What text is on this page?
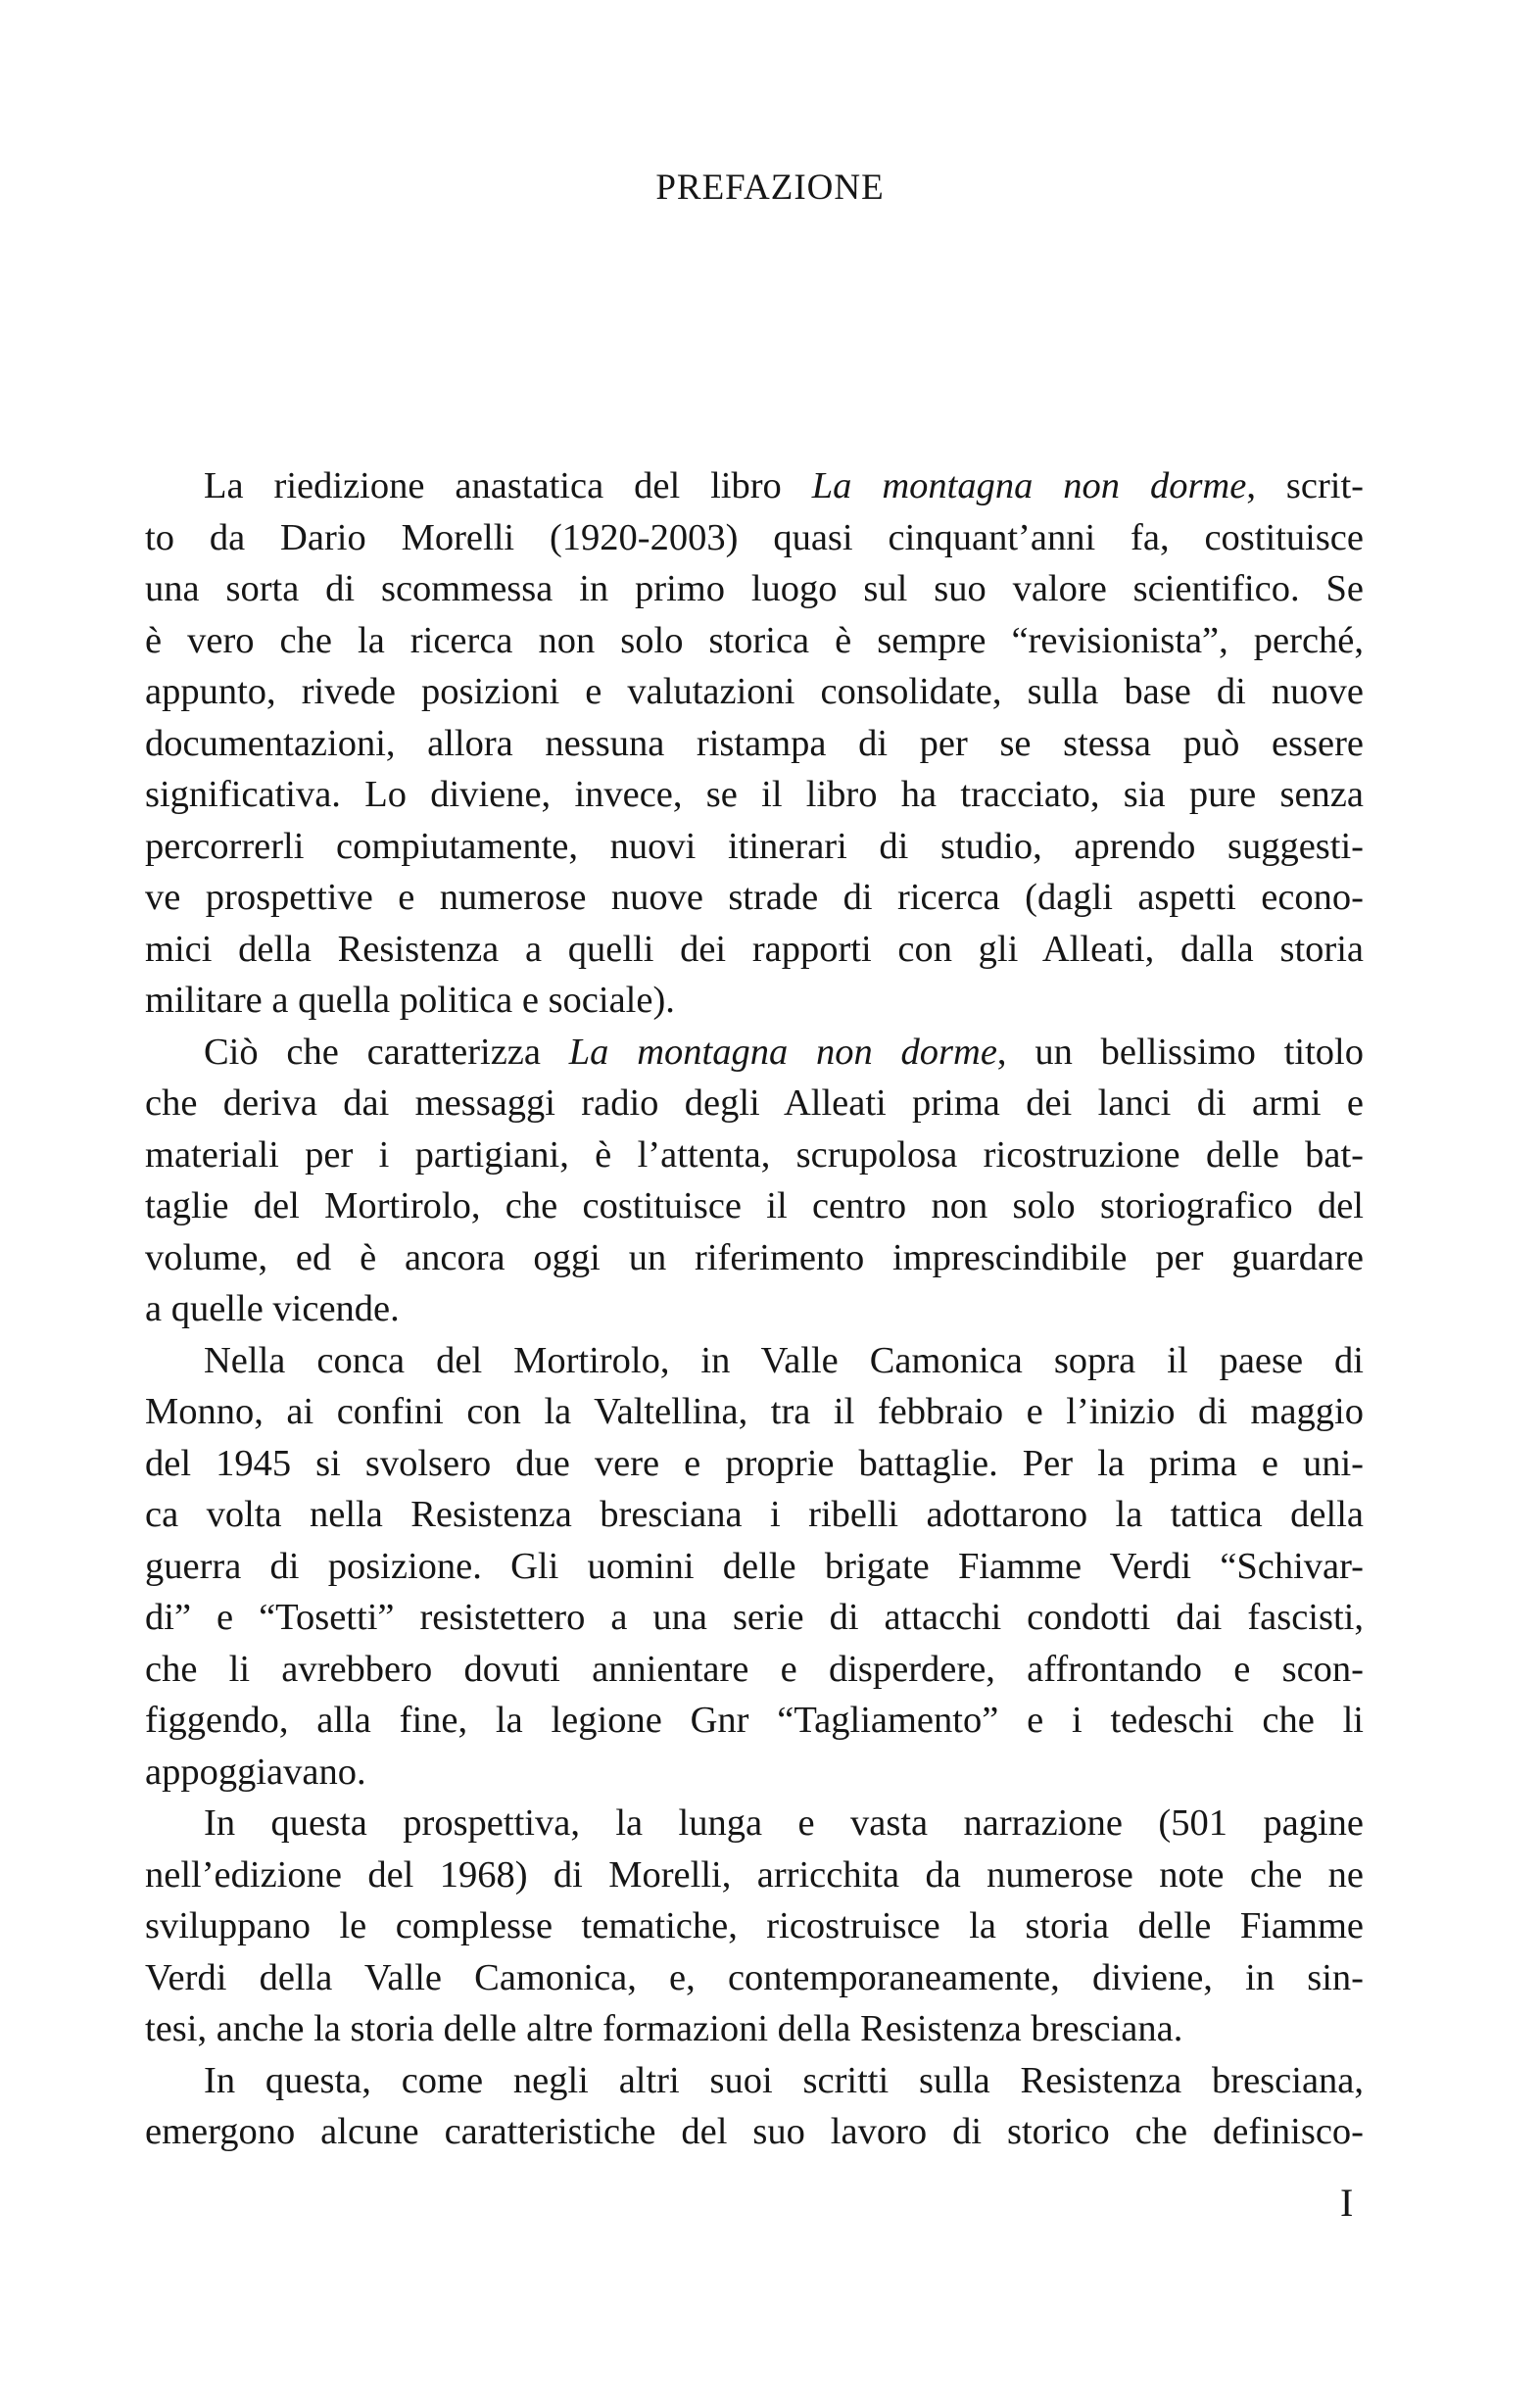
PREFAZIONE
La riedizione anastatica del libro La montagna non dorme, scrit-
to da Dario Morelli (1920-2003) quasi cinquant’anni fa, costituisce
una sorta di scommessa in primo luogo sul suo valore scientifico. Se
è vero che la ricerca non solo storica è sempre “revisionista”, perché,
appunto, rivede posizioni e valutazioni consolidate, sulla base di nuove
documentazioni, allora nessuna ristampa di per se stessa può essere
significativa. Lo diviene, invece, se il libro ha tracciato, sia pure senza
percorrerli compiutamente, nuovi itinerari di studio, aprendo suggesti-
ve prospettive e numerose nuove strade di ricerca (dagli aspetti econo-
mici della Resistenza a quelli dei rapporti con gli Alleati, dalla storia
militare a quella politica e sociale).
Ciò che caratterizza La montagna non dorme, un bellissimo titolo
che deriva dai messaggi radio degli Alleati prima dei lanci di armi e
materiali per i partigiani, è l’attenta, scrupolosa ricostruzione delle bat-
taglie del Mortirolo, che costituisce il centro non solo storiografico del
volume, ed è ancora oggi un riferimento imprescindibile per guardare
a quelle vicende.
Nella conca del Mortirolo, in Valle Camonica sopra il paese di
Monno, ai confini con la Valtellina, tra il febbraio e l’inizio di maggio
del 1945 si svolsero due vere e proprie battaglie. Per la prima e uni-
ca volta nella Resistenza bresciana i ribelli adottarono la tattica della
guerra di posizione. Gli uomini delle brigate Fiamme Verdi “Schivar-
di” e “Tosetti” resistettero a una serie di attacchi condotti dai fascisti,
che li avrebbero dovuti annientare e disperdere, affrontando e scon-
figgendo, alla fine, la legione Gnr “Tagliamento” e i tedeschi che li
appoggiavano.
In questa prospettiva, la lunga e vasta narrazione (501 pagine
nell’edizione del 1968) di Morelli, arricchita da numerose note che ne
sviluppano le complesse tematiche, ricostruisce la storia delle Fiamme
Verdi della Valle Camonica, e, contemporaneamente, diviene, in sin-
tesi, anche la storia delle altre formazioni della Resistenza bresciana.
In questa, come negli altri suoi scritti sulla Resistenza bresciana,
emergono alcune caratteristiche del suo lavoro di storico che definisco-
I
